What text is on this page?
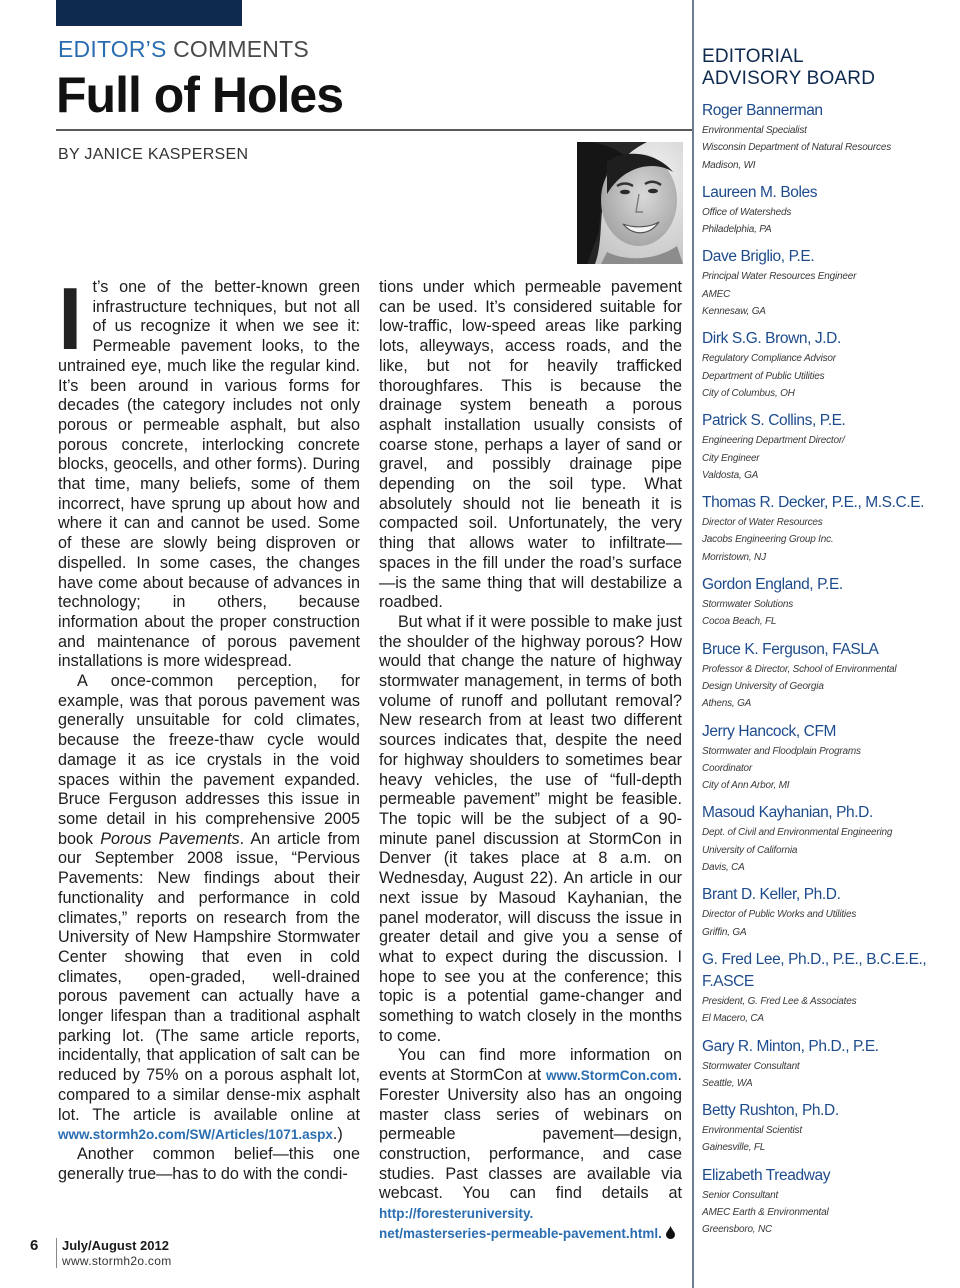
EDITOR’S COMMENTS
Full of Holes
BY JANICE KASPERSEN

It’s one of the better-known green infrastructure techniques, but not all of us recognize it when we see it: Permeable pavement looks, to the untrained eye, much like the regular kind. It’s been around in various forms for decades (the category includes not only porous or permeable asphalt, but also porous concrete, interlocking concrete blocks, geocells, and other forms). During that time, many beliefs, some of them incorrect, have sprung up about how and where it can and cannot be used. Some of these are slowly being disproven or dispelled. In some cases, the changes have come about because of advances in technology; in others, because information about the proper construction and maintenance of porous pavement installations is more widespread.

A once-common perception, for example, was that porous pavement was generally unsuitable for cold climates, because the freeze-thaw cycle would damage it as ice crystals in the void spaces within the pavement expanded. Bruce Ferguson addresses this issue in some detail in his comprehensive 2005 book Porous Pavements. An article from our September 2008 issue, “Pervious Pavements: New findings about their functionality and performance in cold climates,” reports on research from the University of New Hampshire Stormwater Center showing that even in cold climates, open-graded, well-drained porous pavement can actually have a longer lifespan than a traditional asphalt parking lot. (The same article reports, incidentally, that application of salt can be reduced by 75% on a porous asphalt lot, compared to a similar dense-mix asphalt lot. The article is available online at www.stormh2o.com/SW/Articles/1071.aspx.)

Another common belief—this one generally true—has to do with the condi-

tions under which permeable pavement can be used. It’s considered suitable for low-traffic, low-speed areas like parking lots, alleyways, access roads, and the like, but not for heavily trafficked thoroughfares. This is because the drainage system beneath a porous asphalt installation usually consists of coarse stone, perhaps a layer of sand or gravel, and possibly drainage pipe depending on the soil type. What absolutely should not lie beneath it is compacted soil. Unfortunately, the very thing that allows water to infiltrate—spaces in the fill under the road’s surface—is the same thing that will destabilize a roadbed.

But what if it were possible to make just the shoulder of the highway porous? How would that change the nature of highway stormwater management, in terms of both volume of runoff and pollutant removal? New research from at least two different sources indicates that, despite the need for highway shoulders to sometimes bear heavy vehicles, the use of “full-depth permeable pavement” might be feasible. The topic will be the subject of a 90-minute panel discussion at StormCon in Denver (it takes place at 8 a.m. on Wednesday, August 22). An article in our next issue by Masoud Kayhanian, the panel moderator, will discuss the issue in greater detail and give you a sense of what to expect during the discussion. I hope to see you at the conference; this topic is a potential game-changer and something to watch closely in the months to come.

You can find more information on events at StormCon at www.StormCon.com. Forester University also has an ongoing master class series of webinars on permeable pavement—design, construction, performance, and case studies. Past classes are available via webcast. You can find details at http://foresteruniversity.
net/masterseries-permeable-pavement.html.

EDITORIAL
ADVISORY BOARD
Roger Bannerman
Environmental Specialist
Wisconsin Department of Natural Resources
Madison, WI
Laureen M. Boles
Office of Watersheds
Philadelphia, PA
Dave Briglio, P.E.
Principal Water Resources Engineer
AMEC
Kennesaw, GA
Dirk S.G. Brown, J.D.
Regulatory Compliance Advisor
Department of Public Utilities
City of Columbus, OH
Patrick S. Collins, P.E.
Engineering Department Director/
City Engineer
Valdosta, GA
Thomas R. Decker, P.E., M.S.C.E.
Director of Water Resources
Jacobs Engineering Group Inc.
Morristown, NJ
Gordon England, P.E.
Stormwater Solutions
Cocoa Beach, FL
Bruce K. Ferguson, FASLA
Professor & Director, School of Environmental
Design University of Georgia
Athens, GA
Jerry Hancock, CFM
Stormwater and Floodplain Programs
Coordinator
City of Ann Arbor, MI
Masoud Kayhanian, Ph.D.
Dept. of Civil and Environmental Engineering
University of California
Davis, CA
Brant D. Keller, Ph.D.
Director of Public Works and Utilities
Griffin, GA
G. Fred Lee, Ph.D., P.E., B.C.E.E., F.ASCE
President, G. Fred Lee & Associates
El Macero, CA
Gary R. Minton, Ph.D., P.E.
Stormwater Consultant
Seattle, WA
Betty Rushton, Ph.D.
Environmental Scientist
Gainesville, FL
Elizabeth Treadway
Senior Consultant
AMEC Earth & Environmental
Greensboro, NC
6 July/August 2012
www.stormh2o.com
